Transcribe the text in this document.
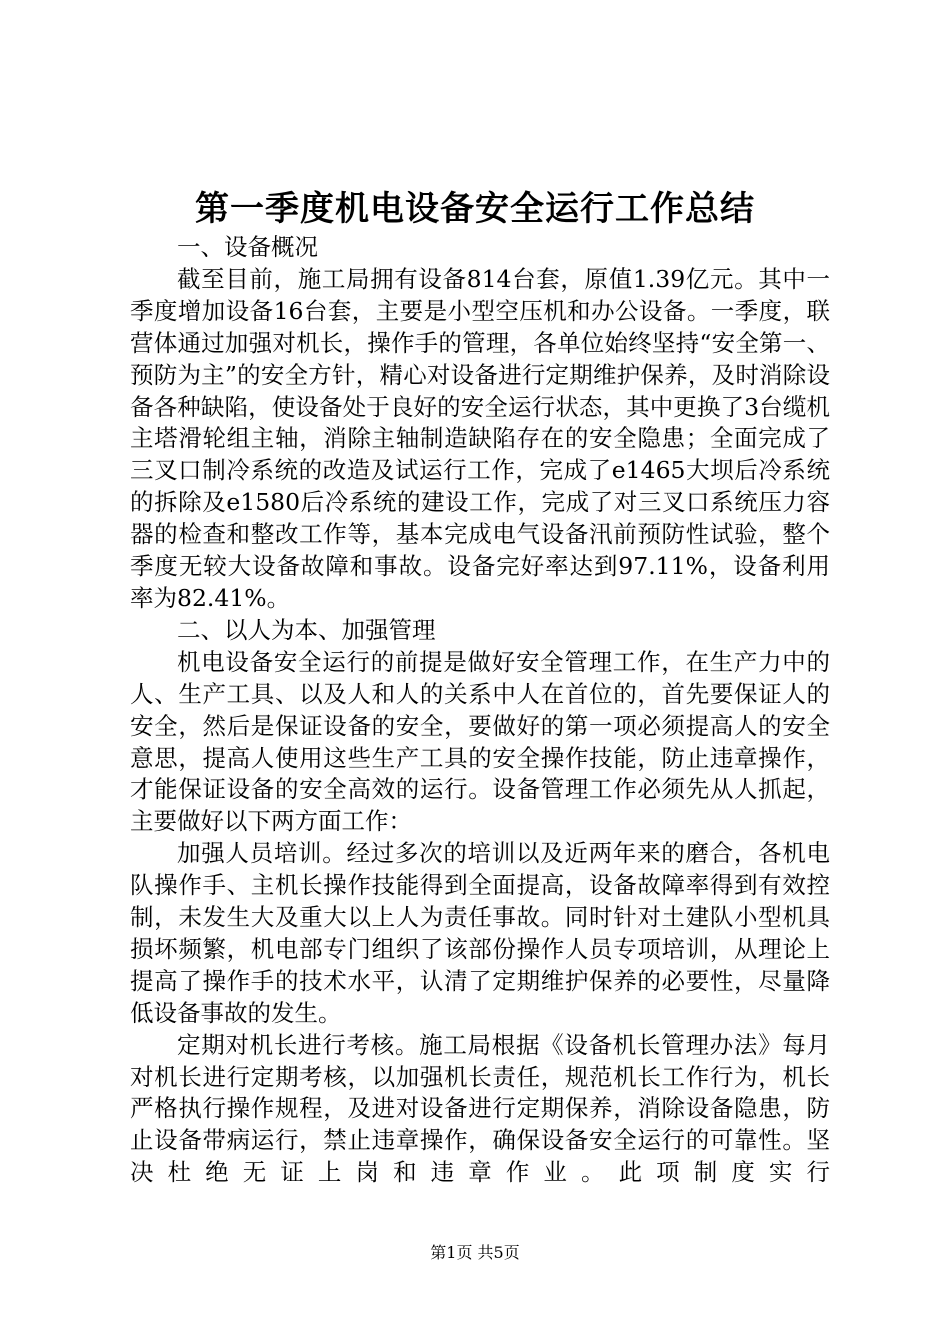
第一季度机电设备安全运行工作总结

一、设备概况

截至目前，施工局拥有设备814台套，原值1.39亿元。其中一季度增加设备16台套，主要是小型空压机和办公设备。一季度，联营体通过加强对机长，操作手的管理，各单位始终坚持“安全第一、预防为主”的安全方针，精心对设备进行定期维护保养，及时消除设备各种缺陷，使设备处于良好的安全运行状态，其中更换了3台缆机主塔滑轮组主轴，消除主轴制造缺陷存在的安全隐患；全面完成了三叉口制冷系统的改造及试运行工作，完成了e1465大坝后冷系统的拆除及e1580后冷系统的建设工作，完成了对三叉口系统压力容器的检查和整改工作等，基本完成电气设备汛前预防性试验，整个季度无较大设备故障和事故。设备完好率达到97.11%，设备利用率为82.41%。

二、以人为本、加强管理

机电设备安全运行的前提是做好安全管理工作，在生产力中的人、生产工具、以及人和人的关系中人在首位的，首先要保证人的安全，然后是保证设备的安全，要做好的第一项必须提高人的安全意思，提高人使用这些生产工具的安全操作技能，防止违章操作，才能保证设备的安全高效的运行。设备管理工作必须先从人抓起，主要做好以下两方面工作：

加强人员培训。经过多次的培训以及近两年来的磨合，各机电队操作手、主机长操作技能得到全面提高，设备故障率得到有效控制，未发生大及重大以上人为责任事故。同时针对土建队小型机具损坏频繁，机电部专门组织了该部份操作人员专项培训，从理论上提高了操作手的技术水平，认清了定期维护保养的必要性，尽量降低设备事故的发生。

定期对机长进行考核。施工局根据《设备机长管理办法》每月对机长进行定期考核，以加强机长责任，规范机长工作行为，机长严格执行操作规程，及进对设备进行定期保养，消除设备隐患，防止设备带病运行，禁止违章操作，确保设备安全运行的可靠性。坚决杜绝无证上岗和违章作业。此项制度实行

第1页 共5页
